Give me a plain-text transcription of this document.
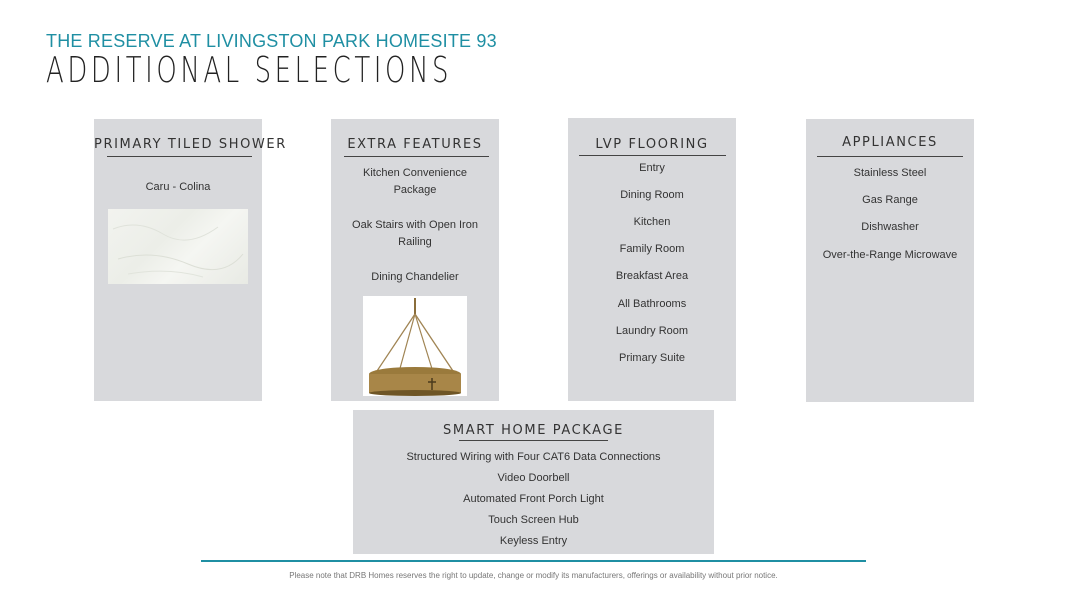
THE RESERVE AT LIVINGSTON PARK HOMESITE 93
ADDITIONAL SELECTIONS
PRIMARY TILED SHOWER
Caru - Colina
EXTRA FEATURES
Kitchen Convenience Package
Oak Stairs with Open Iron Railing
Dining Chandelier
LVP FLOORING
Entry
Dining Room
Kitchen
Family Room
Breakfast Area
All Bathrooms
Laundry Room
Primary Suite
APPLIANCES
Stainless Steel
Gas Range
Dishwasher
Over-the-Range Microwave
SMART HOME PACKAGE
Structured Wiring with Four CAT6 Data Connections
Video Doorbell
Automated Front Porch Light
Touch Screen Hub
Keyless Entry
Please note that DRB Homes reserves the right to update, change or modify its manufacturers, offerings or availability without prior notice.
